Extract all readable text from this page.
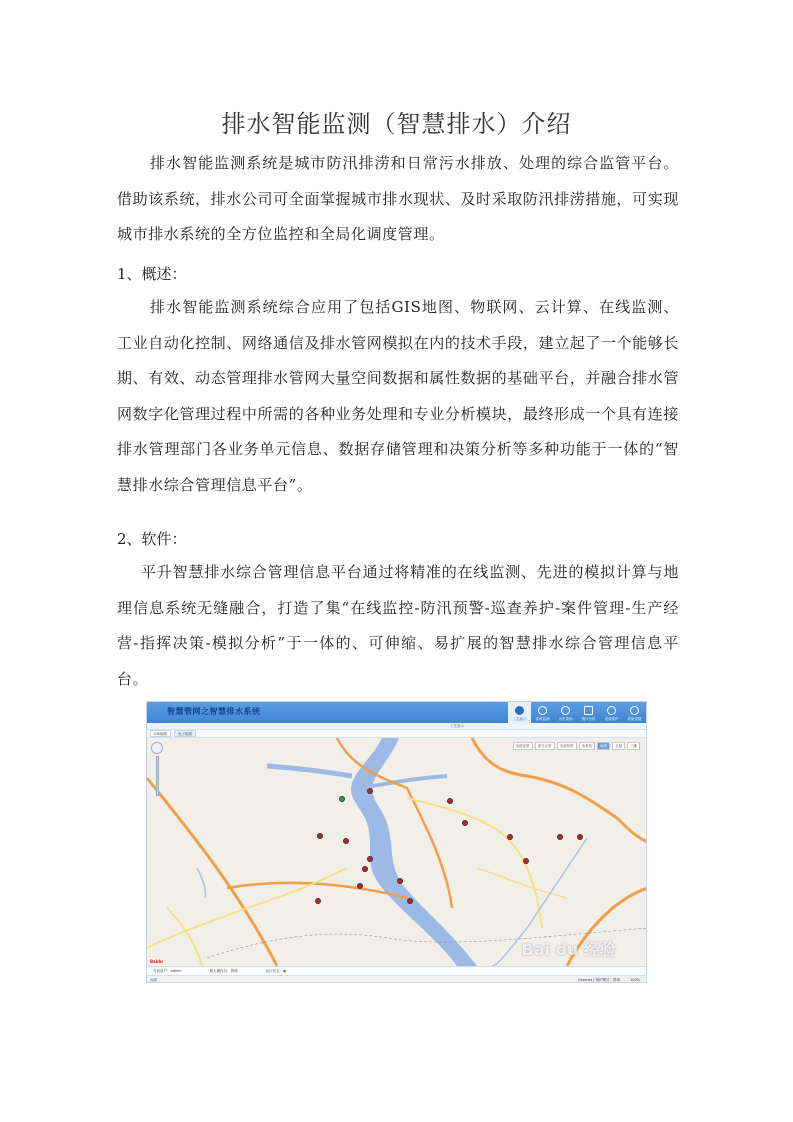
排水智能监测（智慧排水）介绍
排水智能监测系统是城市防汛排涝和日常污水排放、处理的综合监管平台。借助该系统，排水公司可全面掌握城市排水现状、及时采取防汛排涝措施，可实现城市排水系统的全方位监控和全局化调度管理。
1、概述：
排水智能监测系统综合应用了包括GIS地图、物联网、云计算、在线监测、工业自动化控制、网络通信及排水管网模拟在内的技术手段，建立起了一个能够长期、有效、动态管理排水管网大量空间数据和属性数据的基础平台，并融合排水管网数字化管理过程中所需的各种业务处理和专业分析模块，最终形成一个具有连接排水管理部门各业务单元信息、数据存储管理和决策分析等多种功能于一体的“智慧排水综合管理信息平台”。
2、软件：
平升智慧排水综合管理信息平台通过将精准的在线监测、先进的模拟计算与地理信息系统无缝融合，打造了集“在线监控-防汛预警-巡查养护-案件管理-生产经营-指挥决策-模拟分析”于一体的、可伸缩、易扩展的智慧排水综合管理信息平台。
智慧管网之智慧排水系统
工艺展示	实时监测	历史查询	统计分析	设备维护	系统设置
工艺展示
GIS地图	电子地图
全部正常	部分正常	全部异常	未布站	地图	卫星	三维
Bai du 经验
Baidu
当前用户：admin	最大操作员：管理	运行状态：●
完成	Internet | 保护模式：禁用	100%
